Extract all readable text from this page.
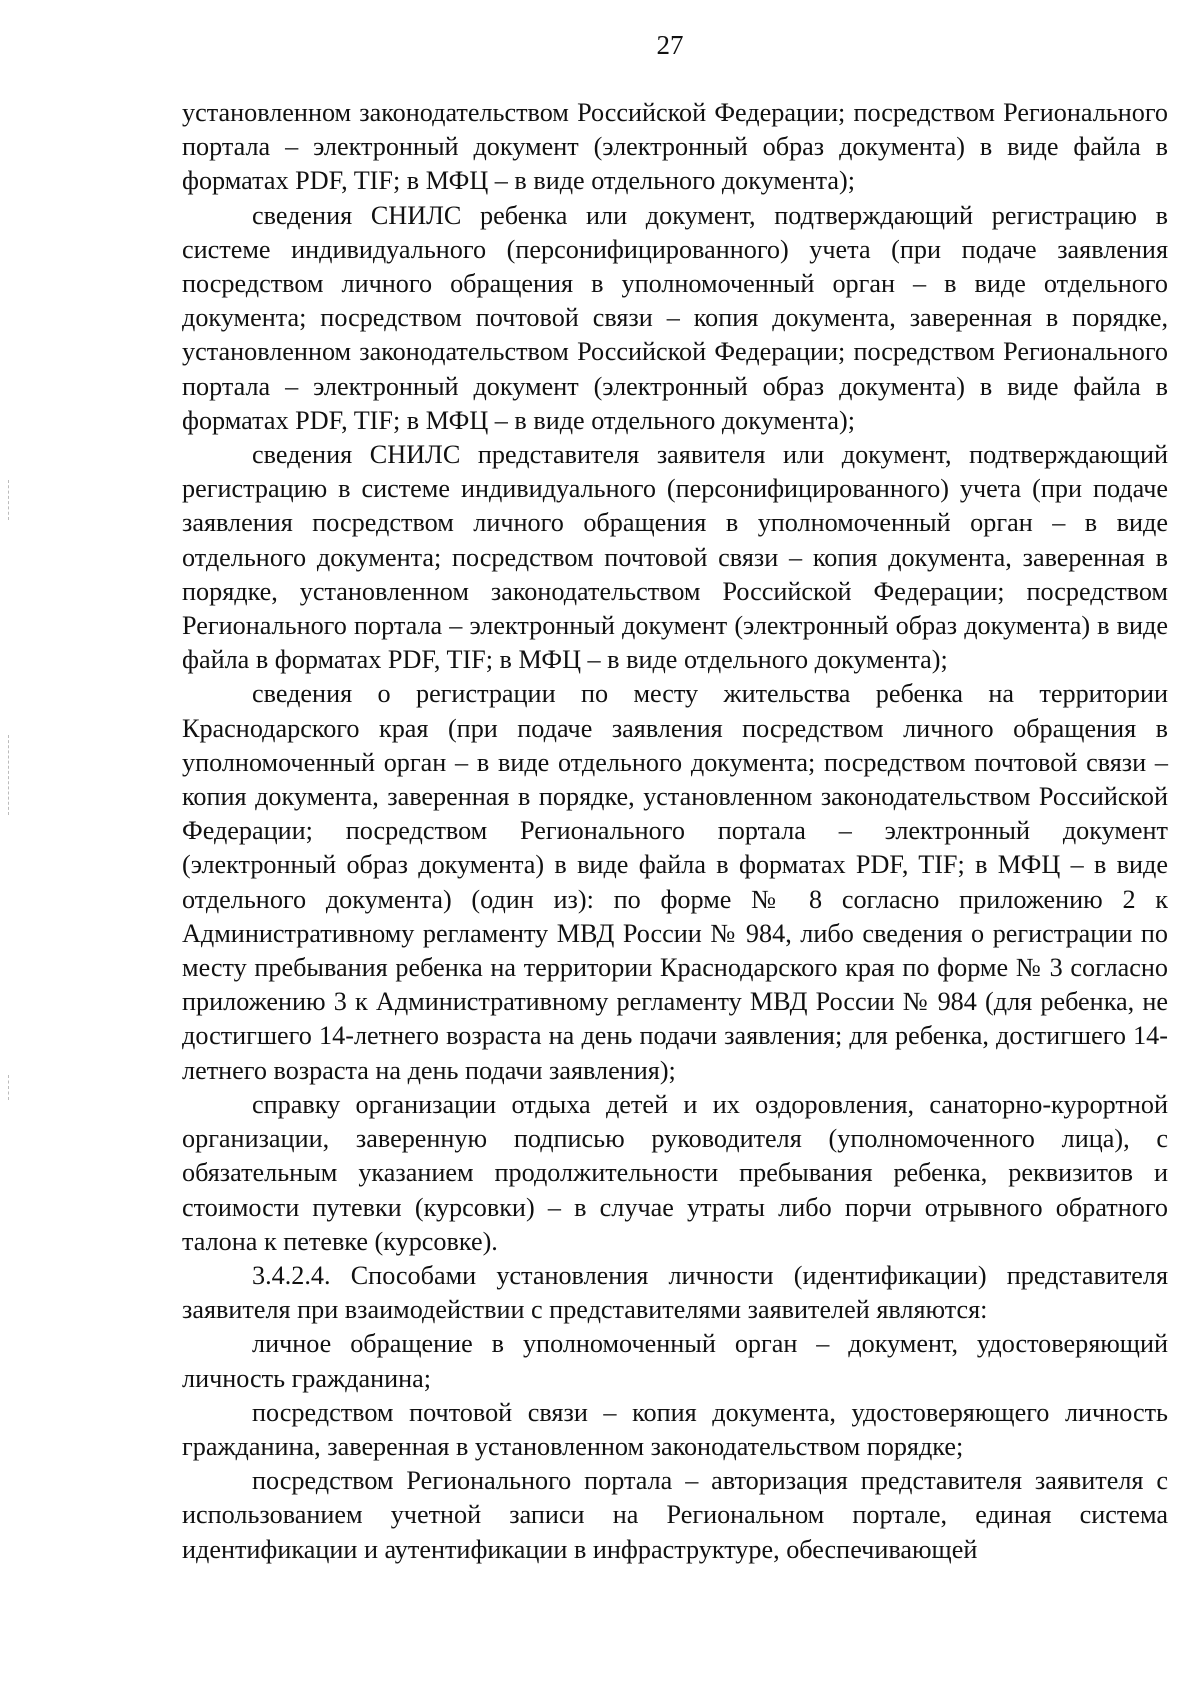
27

установленном законодательством Российской Федерации; посредством Регионального портала – электронный документ (электронный образ документа) в виде файла в форматах PDF, TIF; в МФЦ – в виде отдельного документа);

сведения СНИЛС ребенка или документ, подтверждающий регистрацию в системе индивидуального (персонифицированного) учета (при подаче заявления посредством личного обращения в уполномоченный орган – в виде отдельного документа; посредством почтовой связи – копия документа, заверенная в порядке, установленном законодательством Российской Федерации; посредством Регионального портала – электронный документ (электронный образ документа) в виде файла в форматах PDF, TIF; в МФЦ – в виде отдельного документа);

сведения СНИЛС представителя заявителя или документ, подтверждающий регистрацию в системе индивидуального (персонифицированного) учета (при подаче заявления посредством личного обращения в уполномоченный орган – в виде отдельного документа; посредством почтовой связи – копия документа, заверенная в порядке, установленном законодательством Российской Федерации; посредством Регионального портала – электронный документ (электронный образ документа) в виде файла в форматах PDF, TIF; в МФЦ – в виде отдельного документа);

сведения о регистрации по месту жительства ребенка на территории Краснодарского края (при подаче заявления посредством личного обращения в уполномоченный орган – в виде отдельного документа; посредством почтовой связи – копия документа, заверенная в порядке, установленном законодательством Российской Федерации; посредством Регионального портала – электронный документ (электронный образ документа) в виде файла в форматах PDF, TIF; в МФЦ – в виде отдельного документа) (один из): по форме № 8 согласно приложению 2 к Административному регламенту МВД России № 984, либо сведения о регистрации по месту пребывания ребенка на территории Краснодарского края по форме № 3 согласно приложению 3 к Административному регламенту МВД России № 984 (для ребенка, не достигшего 14-летнего возраста на день подачи заявления; для ребенка, достигшего 14-летнего возраста на день подачи заявления);

справку организации отдыха детей и их оздоровления, санаторно-курортной организации, заверенную подписью руководителя (уполномоченного лица), с обязательным указанием продолжительности пребывания ребенка, реквизитов и стоимости путевки (курсовки) – в случае утраты либо порчи отрывного обратного талона к петевке (курсовке).

3.4.2.4. Способами установления личности (идентификации) представителя заявителя при взаимодействии с представителями заявителей являются:

личное обращение в уполномоченный орган – документ, удостоверяющий личность гражданина;

посредством почтовой связи – копия документа, удостоверяющего личность гражданина, заверенная в установленном законодательством порядке;

посредством Регионального портала – авторизация представителя заявителя с использованием учетной записи на Региональном портале, единая система идентификации и аутентификации в инфраструктуре, обеспечивающей
